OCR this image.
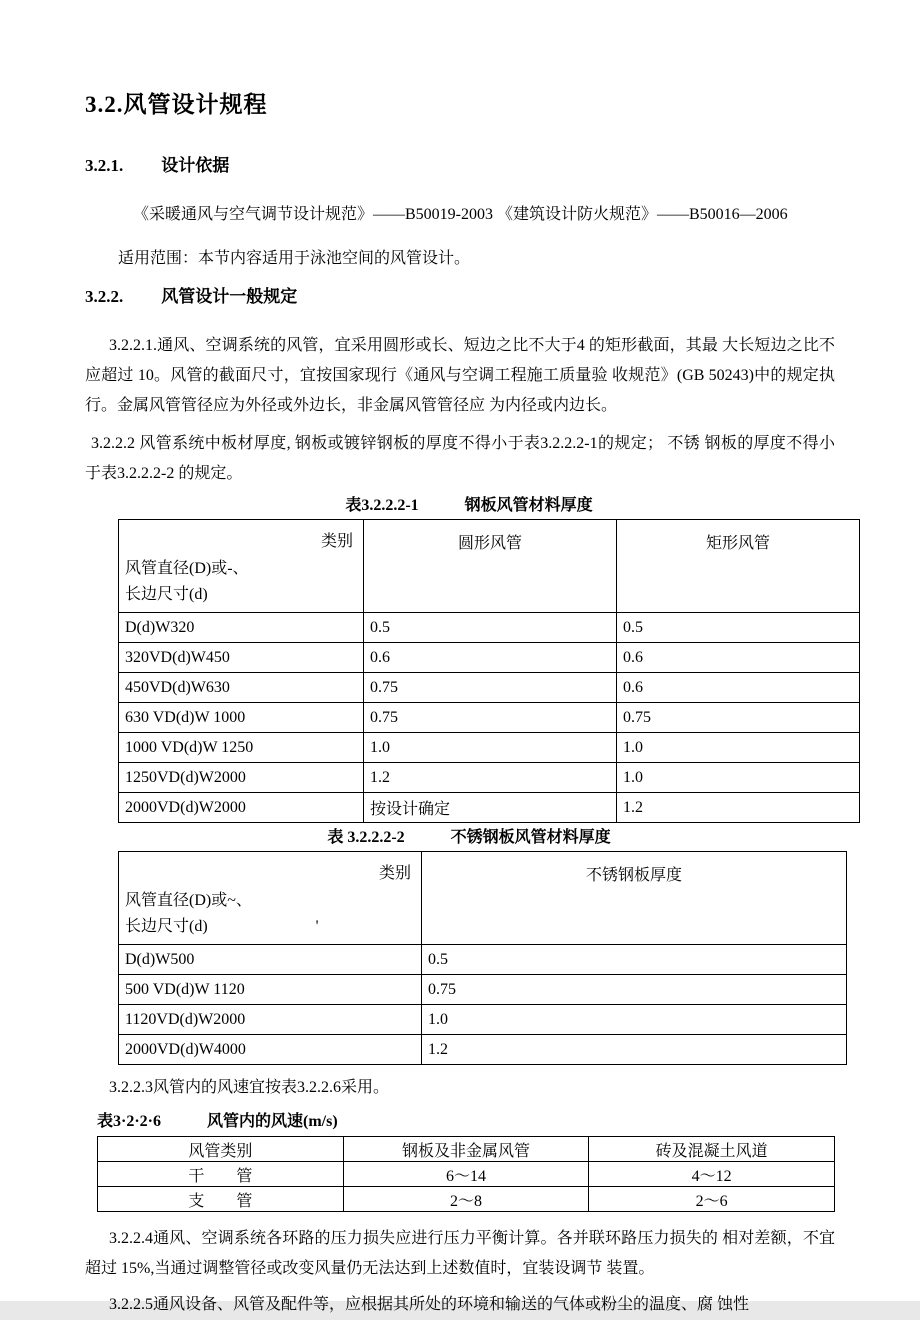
3.2.风管设计规程
3.2.1. 设计依据

《采暖通风与空气调节设计规范》——B50019-2003 《建筑设计防火规范》——B50016—2006

适用范围：本节内容适用于泳池空间的风管设计。

3.2.2. 风管设计一般规定

3.2.2.1.通风、空调系统的风管，宜采用圆形或长、短边之比不大于4 的矩形截面，其最 大长短边之比不应超过 10。风管的截面尺寸，宜按国家现行《通风与空调工程施工质量验 收规范》(GB 50243)中的规定执行。金属风管管径应为外径或外边长，非金属风管管径应 为内径或内边长。

3.2.2.2 风管系统中板材厚度, 钢板或镀锌钢板的厚度不得小于表3.2.2.2-1的规定； 不锈 钢板的厚度不得小于表3.2.2.2-2 的规定。

表3.2.2.2-1	钢板风管材料厚度
类别
风管直径(D)或-、
长边尺寸(d)	圆形风管	矩形风管
D(d)W320	0.5	0.5
320VD(d)W450	0.6	0.6
450VD(d)W630	0.75	0.6
630 VD(d)W 1000	0.75	0.75
1000 VD(d)W 1250	1.0	1.0
1250VD(d)W2000	1.2	1.0
2000VD(d)W2000	按设计确定	1.2
表 3.2.2.2-2	不锈钢板风管材料厚度
类别
风管直径(D)或~、
长边尺寸(d) '	不锈钢板厚度
D(d)W500	0.5
500 VD(d)W 1120	0.75
1120VD(d)W2000	1.0
2000VD(d)W4000	1.2

3.2.2.3风管内的风速宜按表3.2.2.6采用。

表3·2·2·6	风管内的风速(m/s)
风管类别	钢板及非金属风管	砖及混凝土风道
干　　管	6～14	4～12
支　　管	2～8	2～6

3.2.2.4通风、空调系统各环路的压力损失应进行压力平衡计算。各并联环路压力损失的 相对差额，不宜超过 15%,当通过调整管径或改变风量仍无法达到上述数值时，宜装设调节 装置。

3.2.2.5通风设备、风管及配件等，应根据其所处的环境和输送的气体或粉尘的温度、腐 蚀性
